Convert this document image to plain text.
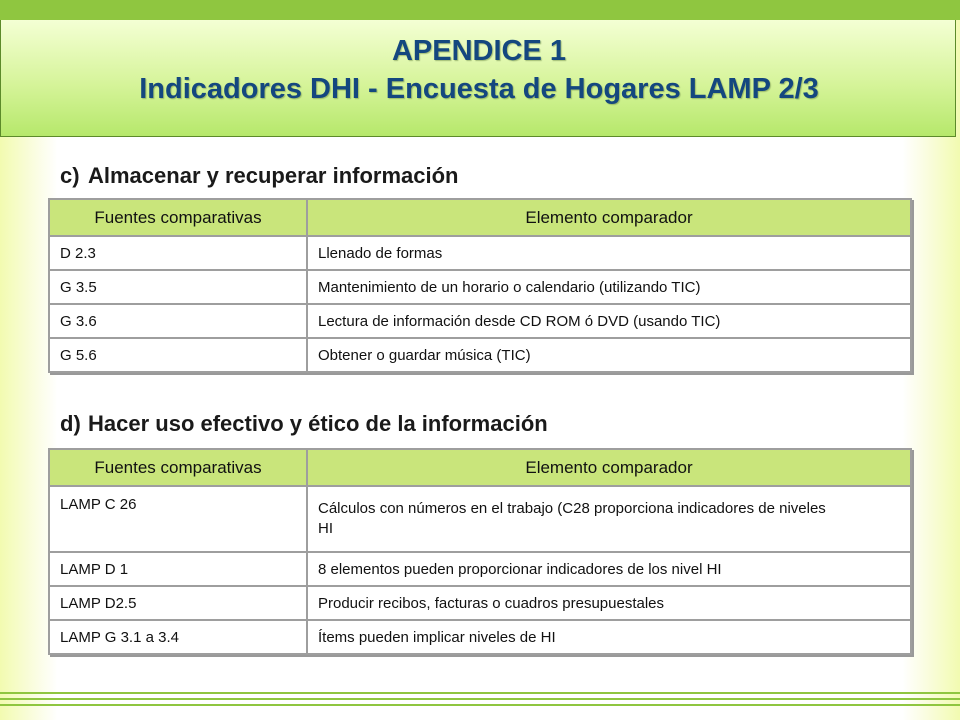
APENDICE 1
Indicadores DHI - Encuesta de Hogares LAMP 2/3
c) Almacenar y recuperar información
Fuentes comparativas	Elemento comparador
D 2.3	Llenado de formas
G 3.5	Mantenimiento de un horario o calendario (utilizando TIC)
G 3.6	Lectura de información desde CD ROM ó DVD (usando TIC)
G 5.6	Obtener o guardar música (TIC)
d) Hacer uso efectivo y ético de la información
Fuentes comparativas	Elemento comparador
LAMP C 26	Cálculos con números en el trabajo (C28 proporciona indicadores de niveles HI
LAMP D 1	8 elementos pueden proporcionar indicadores de los nivel HI
LAMP D2.5	Producir recibos, facturas o cuadros presupuestales
LAMP G 3.1 a 3.4	Ítems pueden implicar niveles de HI
